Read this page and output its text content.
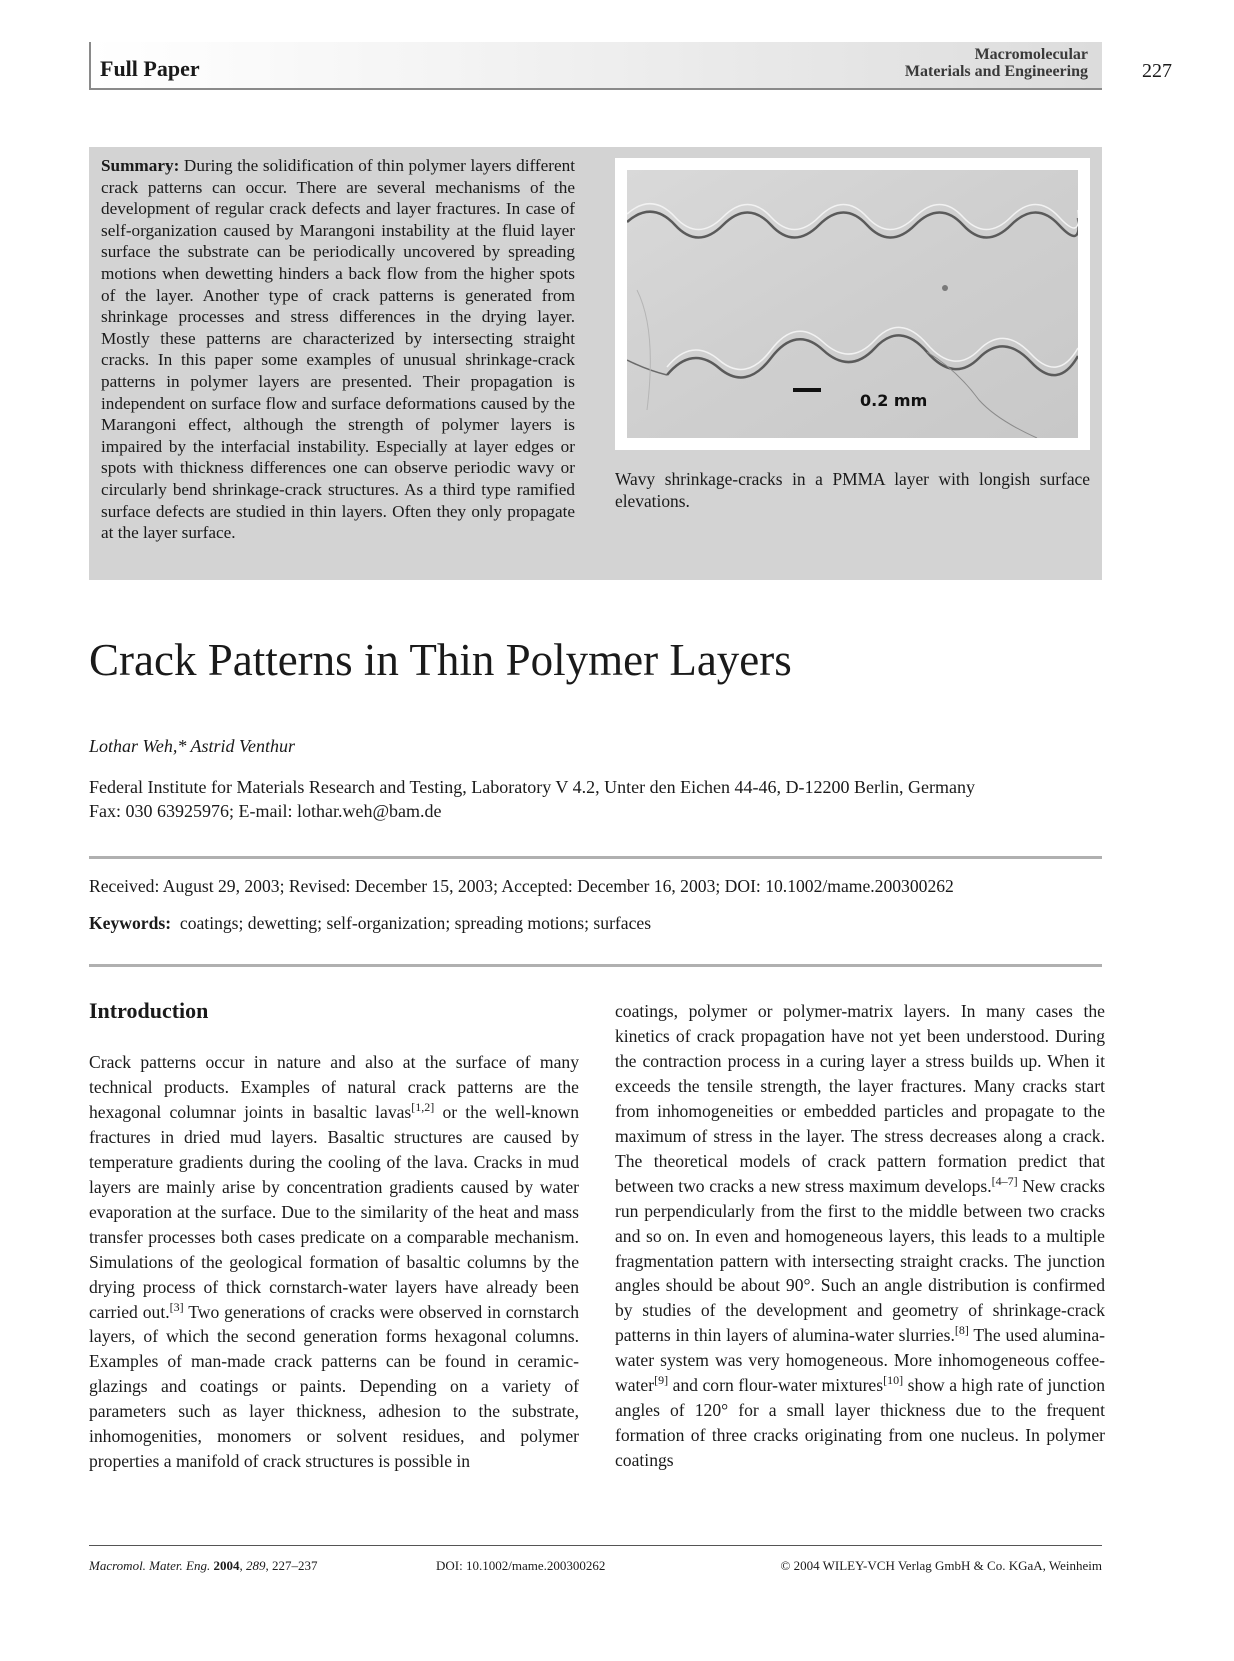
Full Paper
Macromolecular
Materials and Engineering	227
Summary: During the solidification of thin polymer layers different crack patterns can occur. There are several mechanisms of the development of regular crack defects and layer fractures. In case of self-organization caused by Marangoni instability at the fluid layer surface the substrate can be periodically uncovered by spreading motions when dewetting hinders a back flow from the higher spots of the layer. Another type of crack patterns is generated from shrinkage processes and stress differences in the drying layer. Mostly these patterns are characterized by intersecting straight cracks. In this paper some examples of unusual shrinkage-crack patterns in polymer layers are presented. Their propagation is independent on surface flow and surface deformations caused by the Marangoni effect, although the strength of polymer layers is impaired by the interfacial instability. Especially at layer edges or spots with thickness differences one can observe periodic wavy or circularly bend shrinkage-crack structures. As a third type ramified surface defects are studied in thin layers. Often they only propagate at the layer surface.
0.2 mm
Wavy shrinkage-cracks in a PMMA layer with longish surface elevations.
Crack Patterns in Thin Polymer Layers
Lothar Weh,* Astrid Venthur
Federal Institute for Materials Research and Testing, Laboratory V 4.2, Unter den Eichen 44-46, D-12200 Berlin, Germany
Fax: 030 63925976; E-mail: lothar.weh@bam.de
Received: August 29, 2003; Revised: December 15, 2003; Accepted: December 16, 2003; DOI: 10.1002/mame.200300262
Keywords: coatings; dewetting; self-organization; spreading motions; surfaces
Introduction

Crack patterns occur in nature and also at the surface of many technical products. Examples of natural crack patterns are the hexagonal columnar joints in basaltic lavas[1,2] or the well-known fractures in dried mud layers. Basaltic structures are caused by temperature gradients during the cooling of the lava. Cracks in mud layers are mainly arise by concentration gradients caused by water evaporation at the surface. Due to the similarity of the heat and mass transfer processes both cases predicate on a comparable mechanism. Simulations of the geological formation of basaltic columns by the drying process of thick cornstarch-water layers have already been carried out.[3] Two generations of cracks were observed in cornstarch layers, of which the second generation forms hexagonal columns. Examples of man-made crack patterns can be found in ceramic-glazings and coatings or paints. Depending on a variety of parameters such as layer thickness, adhesion to the substrate, inhomogenities, monomers or solvent residues, and polymer properties a manifold of crack structures is possible in

coatings, polymer or polymer-matrix layers. In many cases the kinetics of crack propagation have not yet been understood. During the contraction process in a curing layer a stress builds up. When it exceeds the tensile strength, the layer fractures. Many cracks start from inhomogeneities or embedded particles and propagate to the maximum of stress in the layer. The stress decreases along a crack. The theoretical models of crack pattern formation predict that between two cracks a new stress maximum develops.[4–7] New cracks run perpendicularly from the first to the middle between two cracks and so on. In even and homogeneous layers, this leads to a multiple fragmentation pattern with intersecting straight cracks. The junction angles should be about 90°. Such an angle distribution is confirmed by studies of the development and geometry of shrinkage-crack patterns in thin layers of alumina-water slurries.[8] The used alumina-water system was very homogeneous. More inhomogeneous coffee-water[9] and corn flour-water mixtures[10] show a high rate of junction angles of 120° for a small layer thickness due to the frequent formation of three cracks originating from one nucleus. In polymer coatings

Macromol. Mater. Eng. 2004, 289, 227–237	DOI: 10.1002/mame.200300262	© 2004 WILEY-VCH Verlag GmbH & Co. KGaA, Weinheim
